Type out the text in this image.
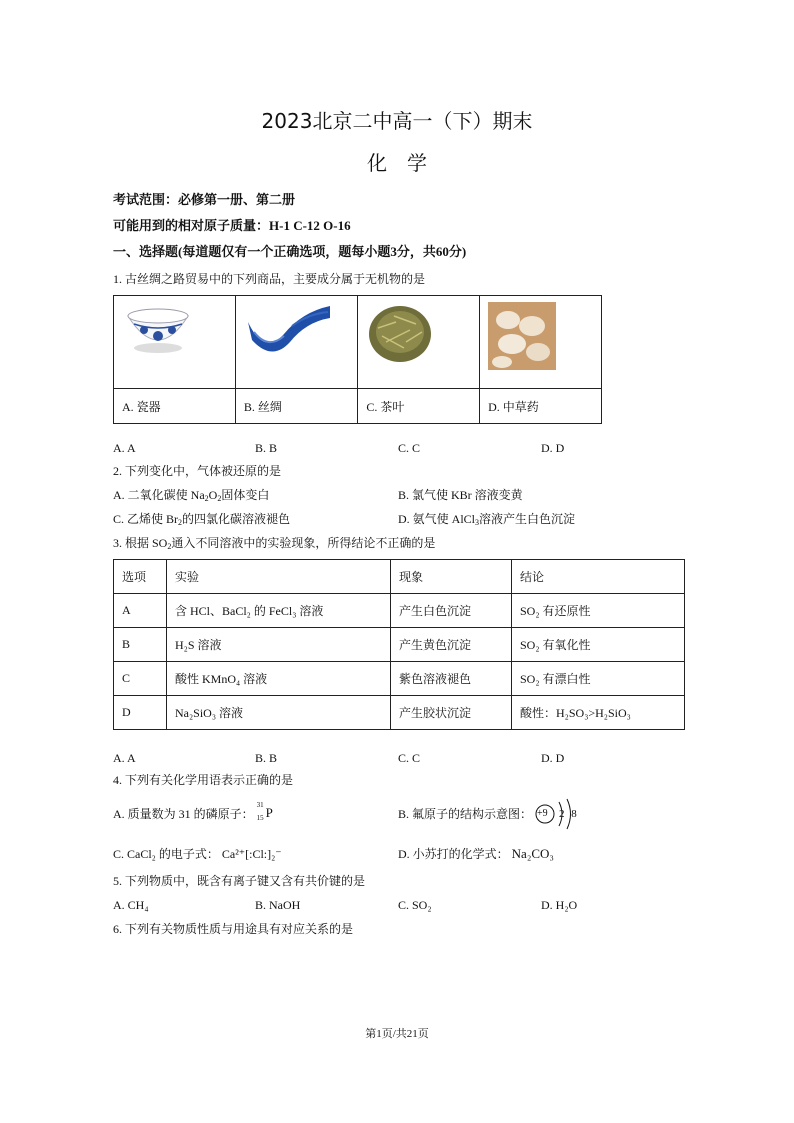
2023北京二中高一（下）期末
化　学
考试范围：必修第一册、第二册
可能用到的相对原子质量：H-1 C-12 O-16
一、选择题(每道题仅有一个正确选项，题每小题3分，共60分)
1. 古丝绸之路贸易中的下列商品，主要成分属于无机物的是

A. 瓷器	B. 丝绸	C. 茶叶	D. 中草药
A. A	B. B	C. C	D. D
2. 下列变化中，气体被还原的是
A. 二氧化碳使 $Na_2O_2$固体变白	B. 氯气使 KBr 溶液变黄
C. 乙烯使 $Br_2$的四氯化碳溶液褪色	D. 氨气使 AlCl$_3$溶液产生白色沉淀
3. 根据 $SO_2$通入不同溶液中的实验现象，所得结论不正确的是
选项	实验	现象	结论
A	含 HCl、BaCl₂ 的 FeCl₃ 溶液	产生白色沉淀	SO₂ 有还原性
B	H₂S 溶液	产生黄色沉淀	SO₂ 有氧化性
C	酸性 KMnO₄ 溶液	紫色溶液褪色	SO₂ 有漂白性
D	Na₂SiO₃ 溶液	产生胶状沉淀	酸性：H₂SO₃>H₂SiO₃
A. A	B. B	C. C	D. D
4. 下列有关化学用语表示正确的是
A. 质量数为 31 的磷原子：
31
15 P	B. 氟原子的结构示意图： +9 2 8
C. CaCl₂ 的电子式： Ca²⁺[:Cl:]₂⁻	D. 小苏打的化学式： Na₂CO₃
5. 下列物质中，既含有离子键又含有共价键的是
A. CH₄	B. NaOH	C. SO₂	D. H₂O
6. 下列有关物质性质与用途具有对应关系的是
第1页/共21页
